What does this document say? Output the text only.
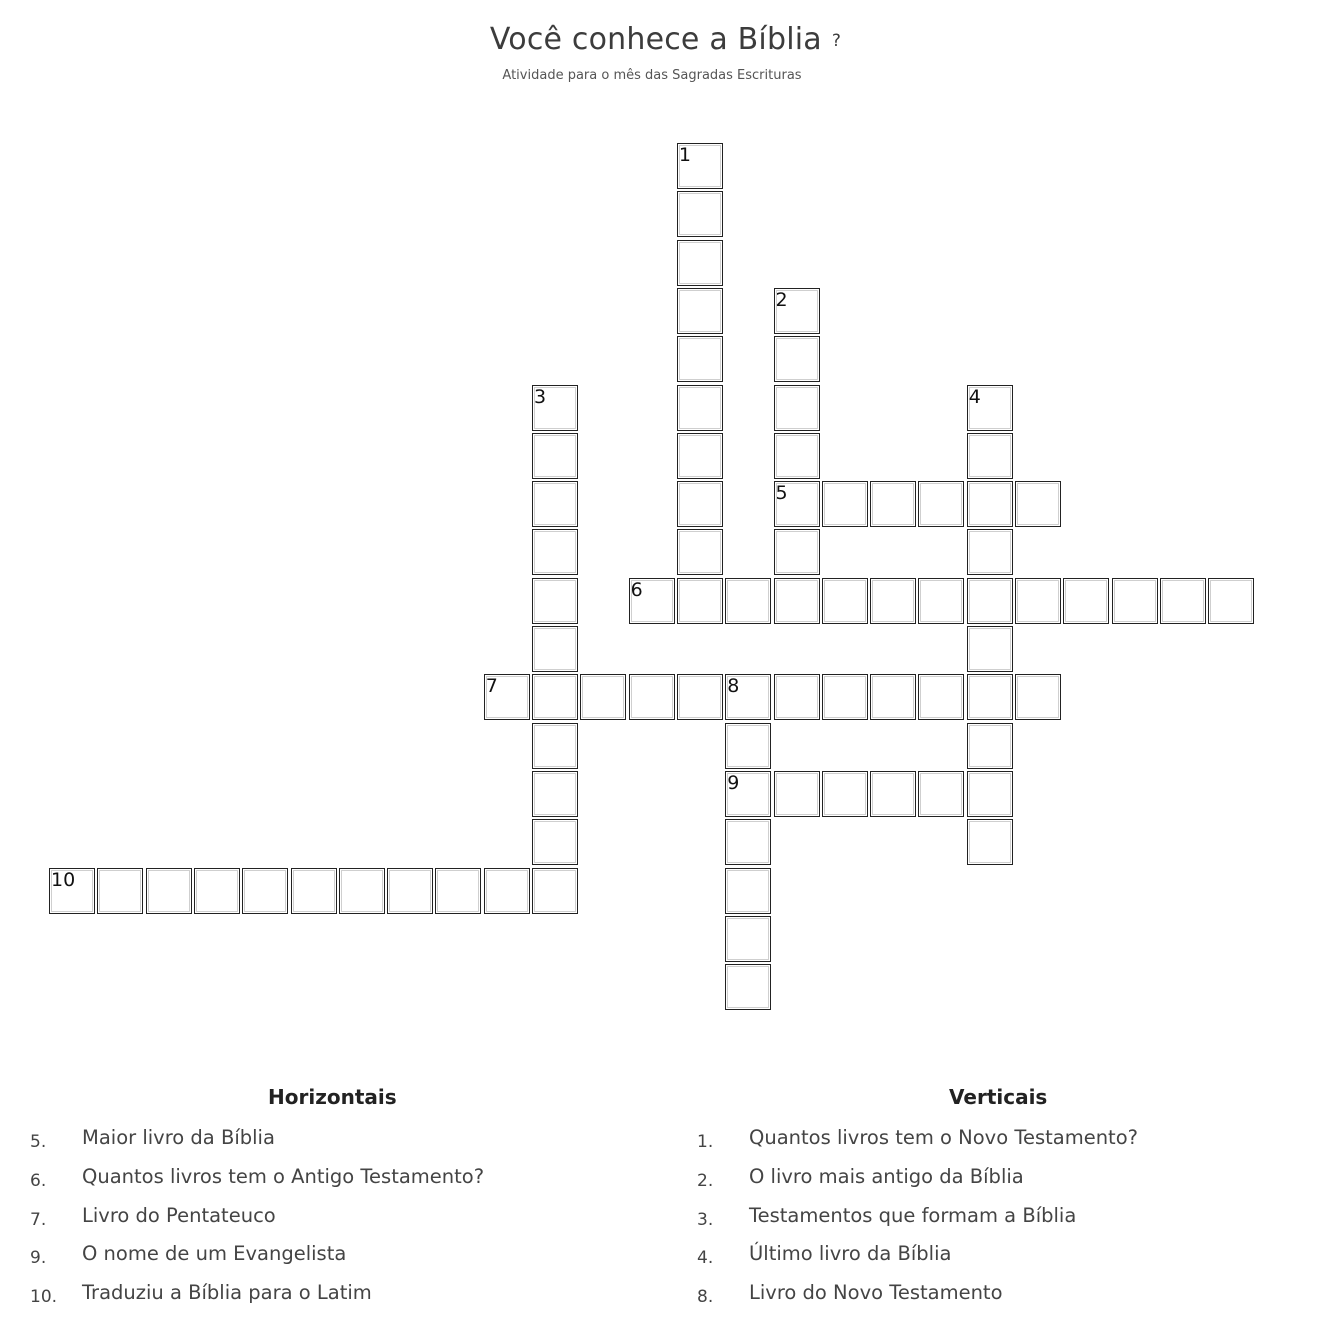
Você conhece a Bíblia ?
Atividade para o mês das Sagradas Escrituras
1
2
5
3	4
6
7	8
9
10
Horizontais
5. Maior livro da Bíblia
6. Quantos livros tem o Antigo Testamento?
7. Livro do Pentateuco
9. O nome de um Evangelista
10. Traduziu a Bíblia para o Latim
Verticais
1. Quantos livros tem o Novo Testamento?
2. O livro mais antigo da Bíblia
3. Testamentos que formam a Bíblia
4. Último livro da Bíblia
8. Livro do Novo Testamento
